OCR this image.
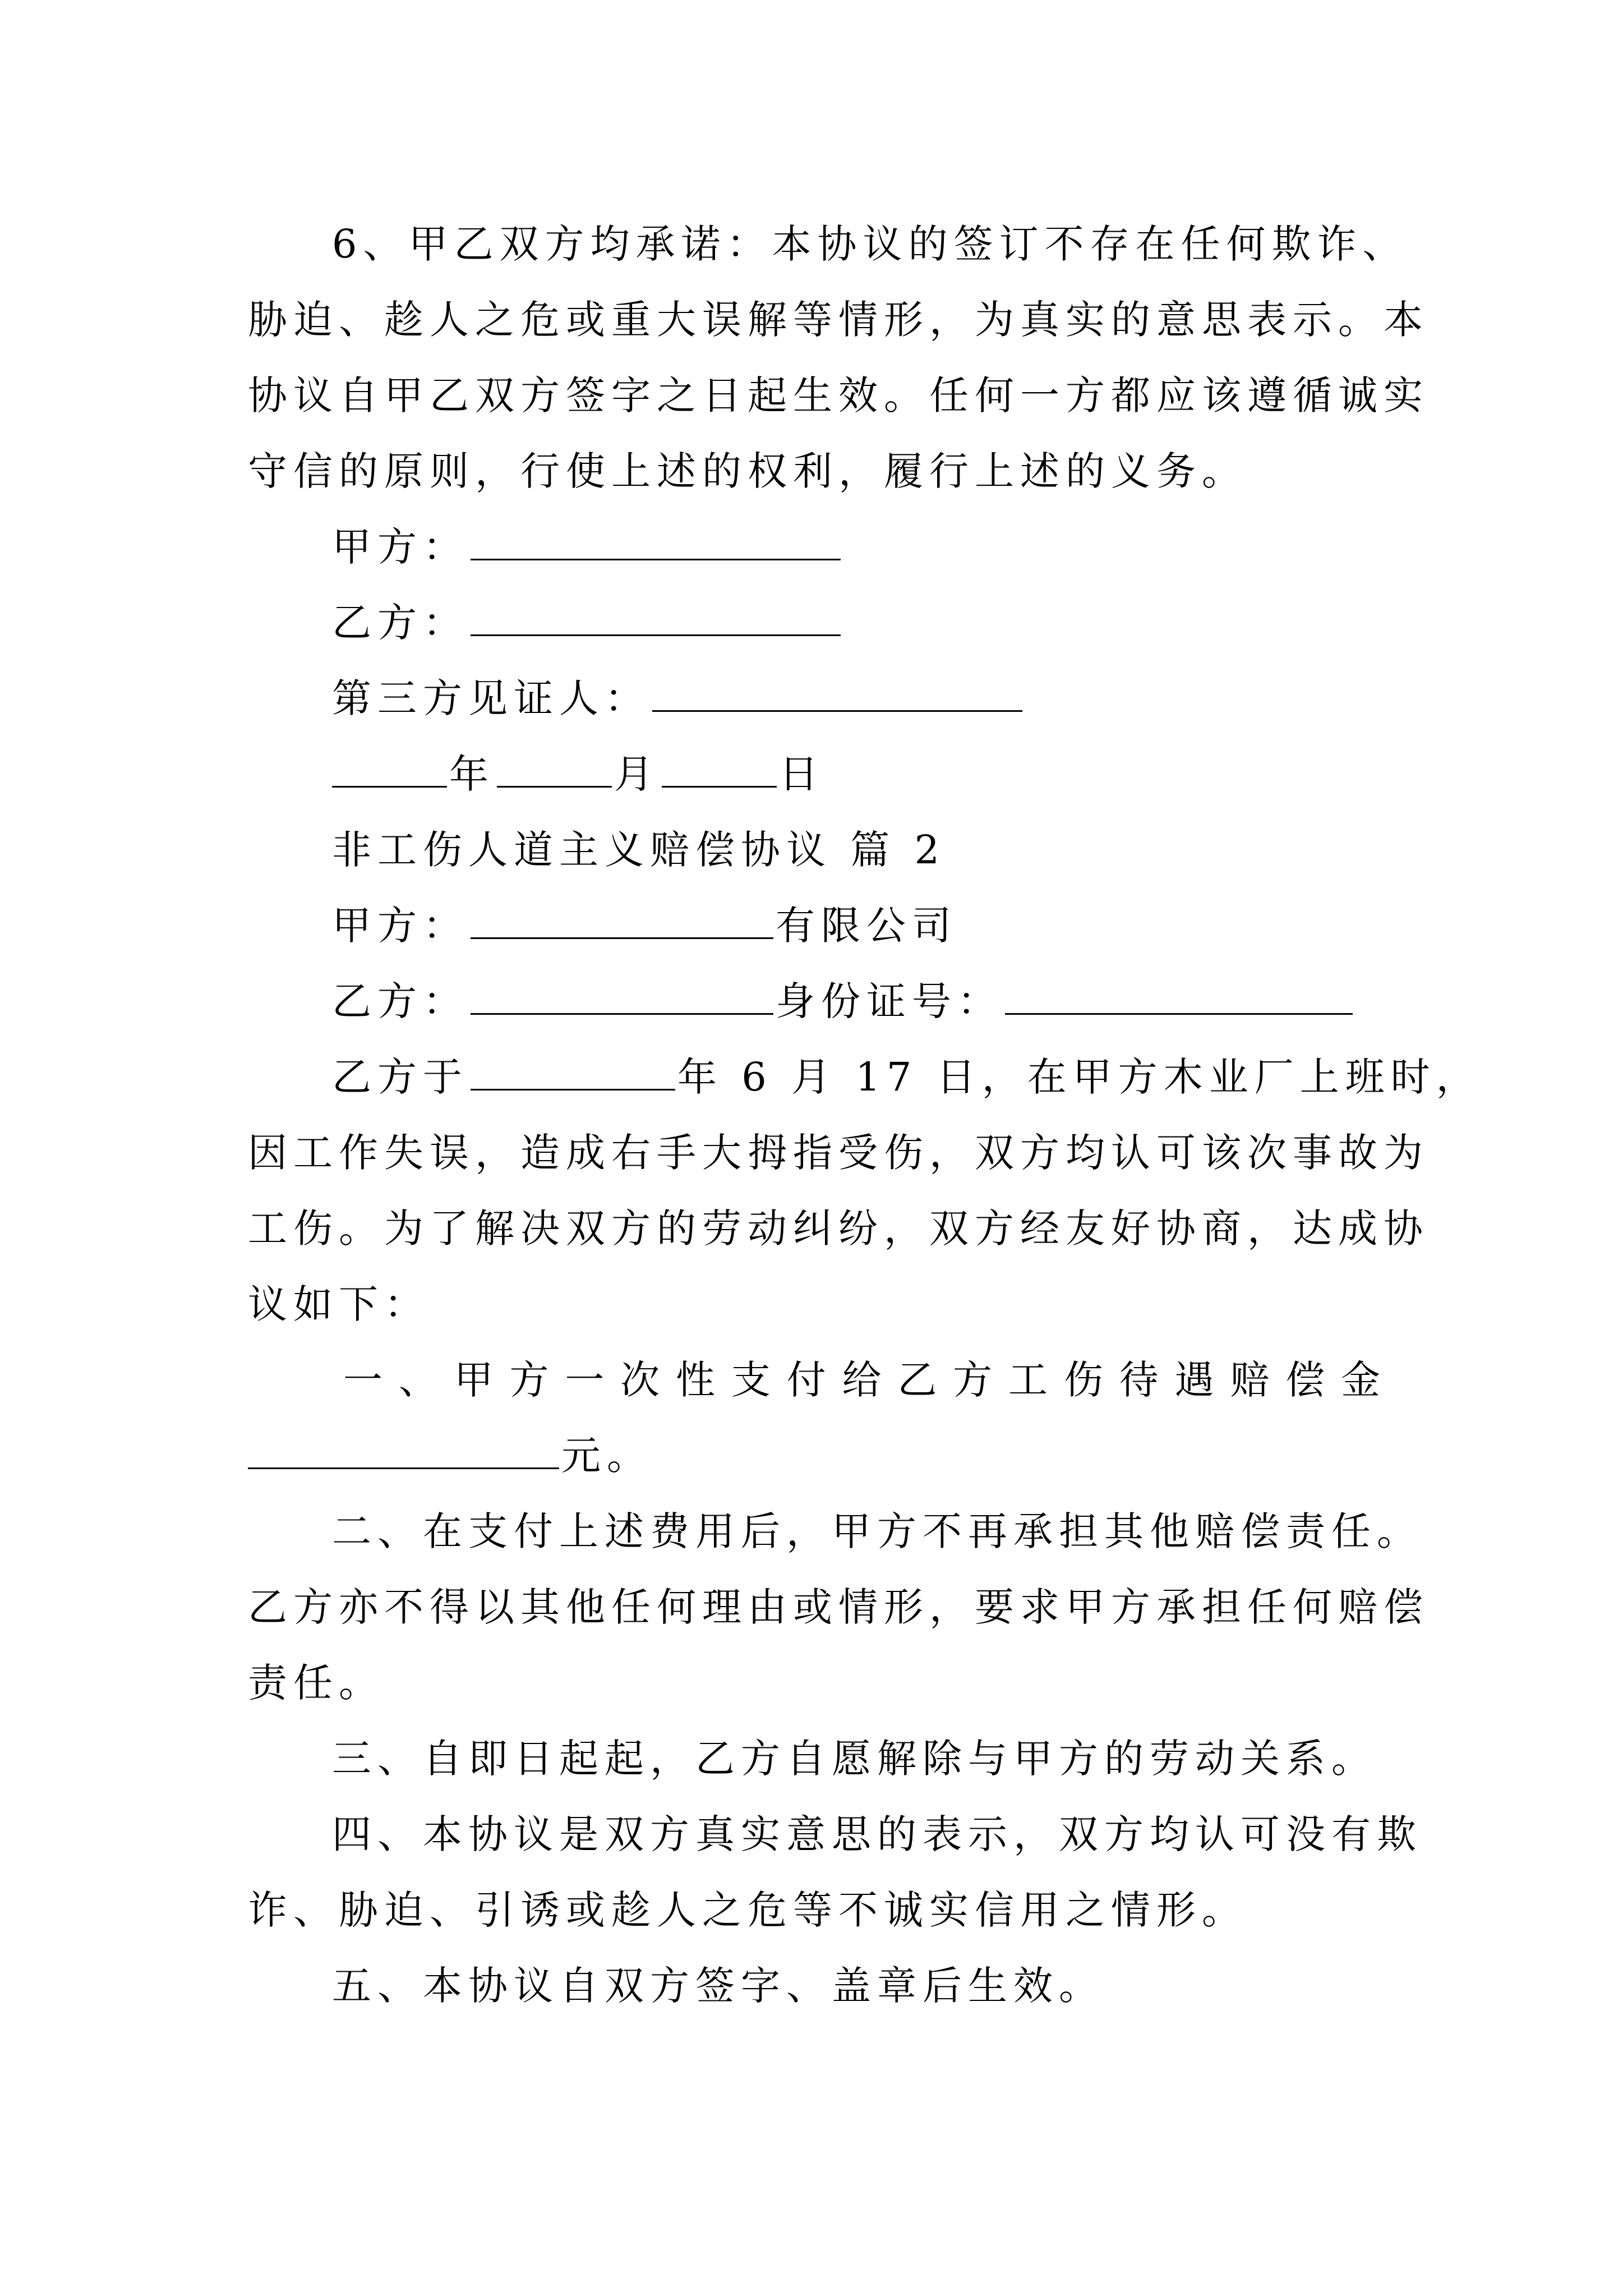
6、甲乙双方均承诺：本协议的签订不存在任何欺诈、
胁迫、趁人之危或重大误解等情形，为真实的意思表示。本
协议自甲乙双方签字之日起生效。任何一方都应该遵循诚实
守信的原则，行使上述的权利，履行上述的义务。
甲方：
乙方：
第三方见证人：
年	月	日
非工伤人道主义赔偿协议 篇 2
甲方：	有限公司
乙方：	身份证号：
乙方于	年 6 月 17 日，在甲方木业厂上班时，
因工作失误，造成右手大拇指受伤，双方均认可该次事故为
工伤。为了解决双方的劳动纠纷，双方经友好协商，达成协
议如下：
一、甲方一次性支付给乙方工伤待遇赔偿金
元。
二、在支付上述费用后，甲方不再承担其他赔偿责任。
乙方亦不得以其他任何理由或情形，要求甲方承担任何赔偿
责任。
三、自即日起起，乙方自愿解除与甲方的劳动关系。
四、本协议是双方真实意思的表示，双方均认可没有欺
诈、胁迫、引诱或趁人之危等不诚实信用之情形。
五、本协议自双方签字、盖章后生效。
